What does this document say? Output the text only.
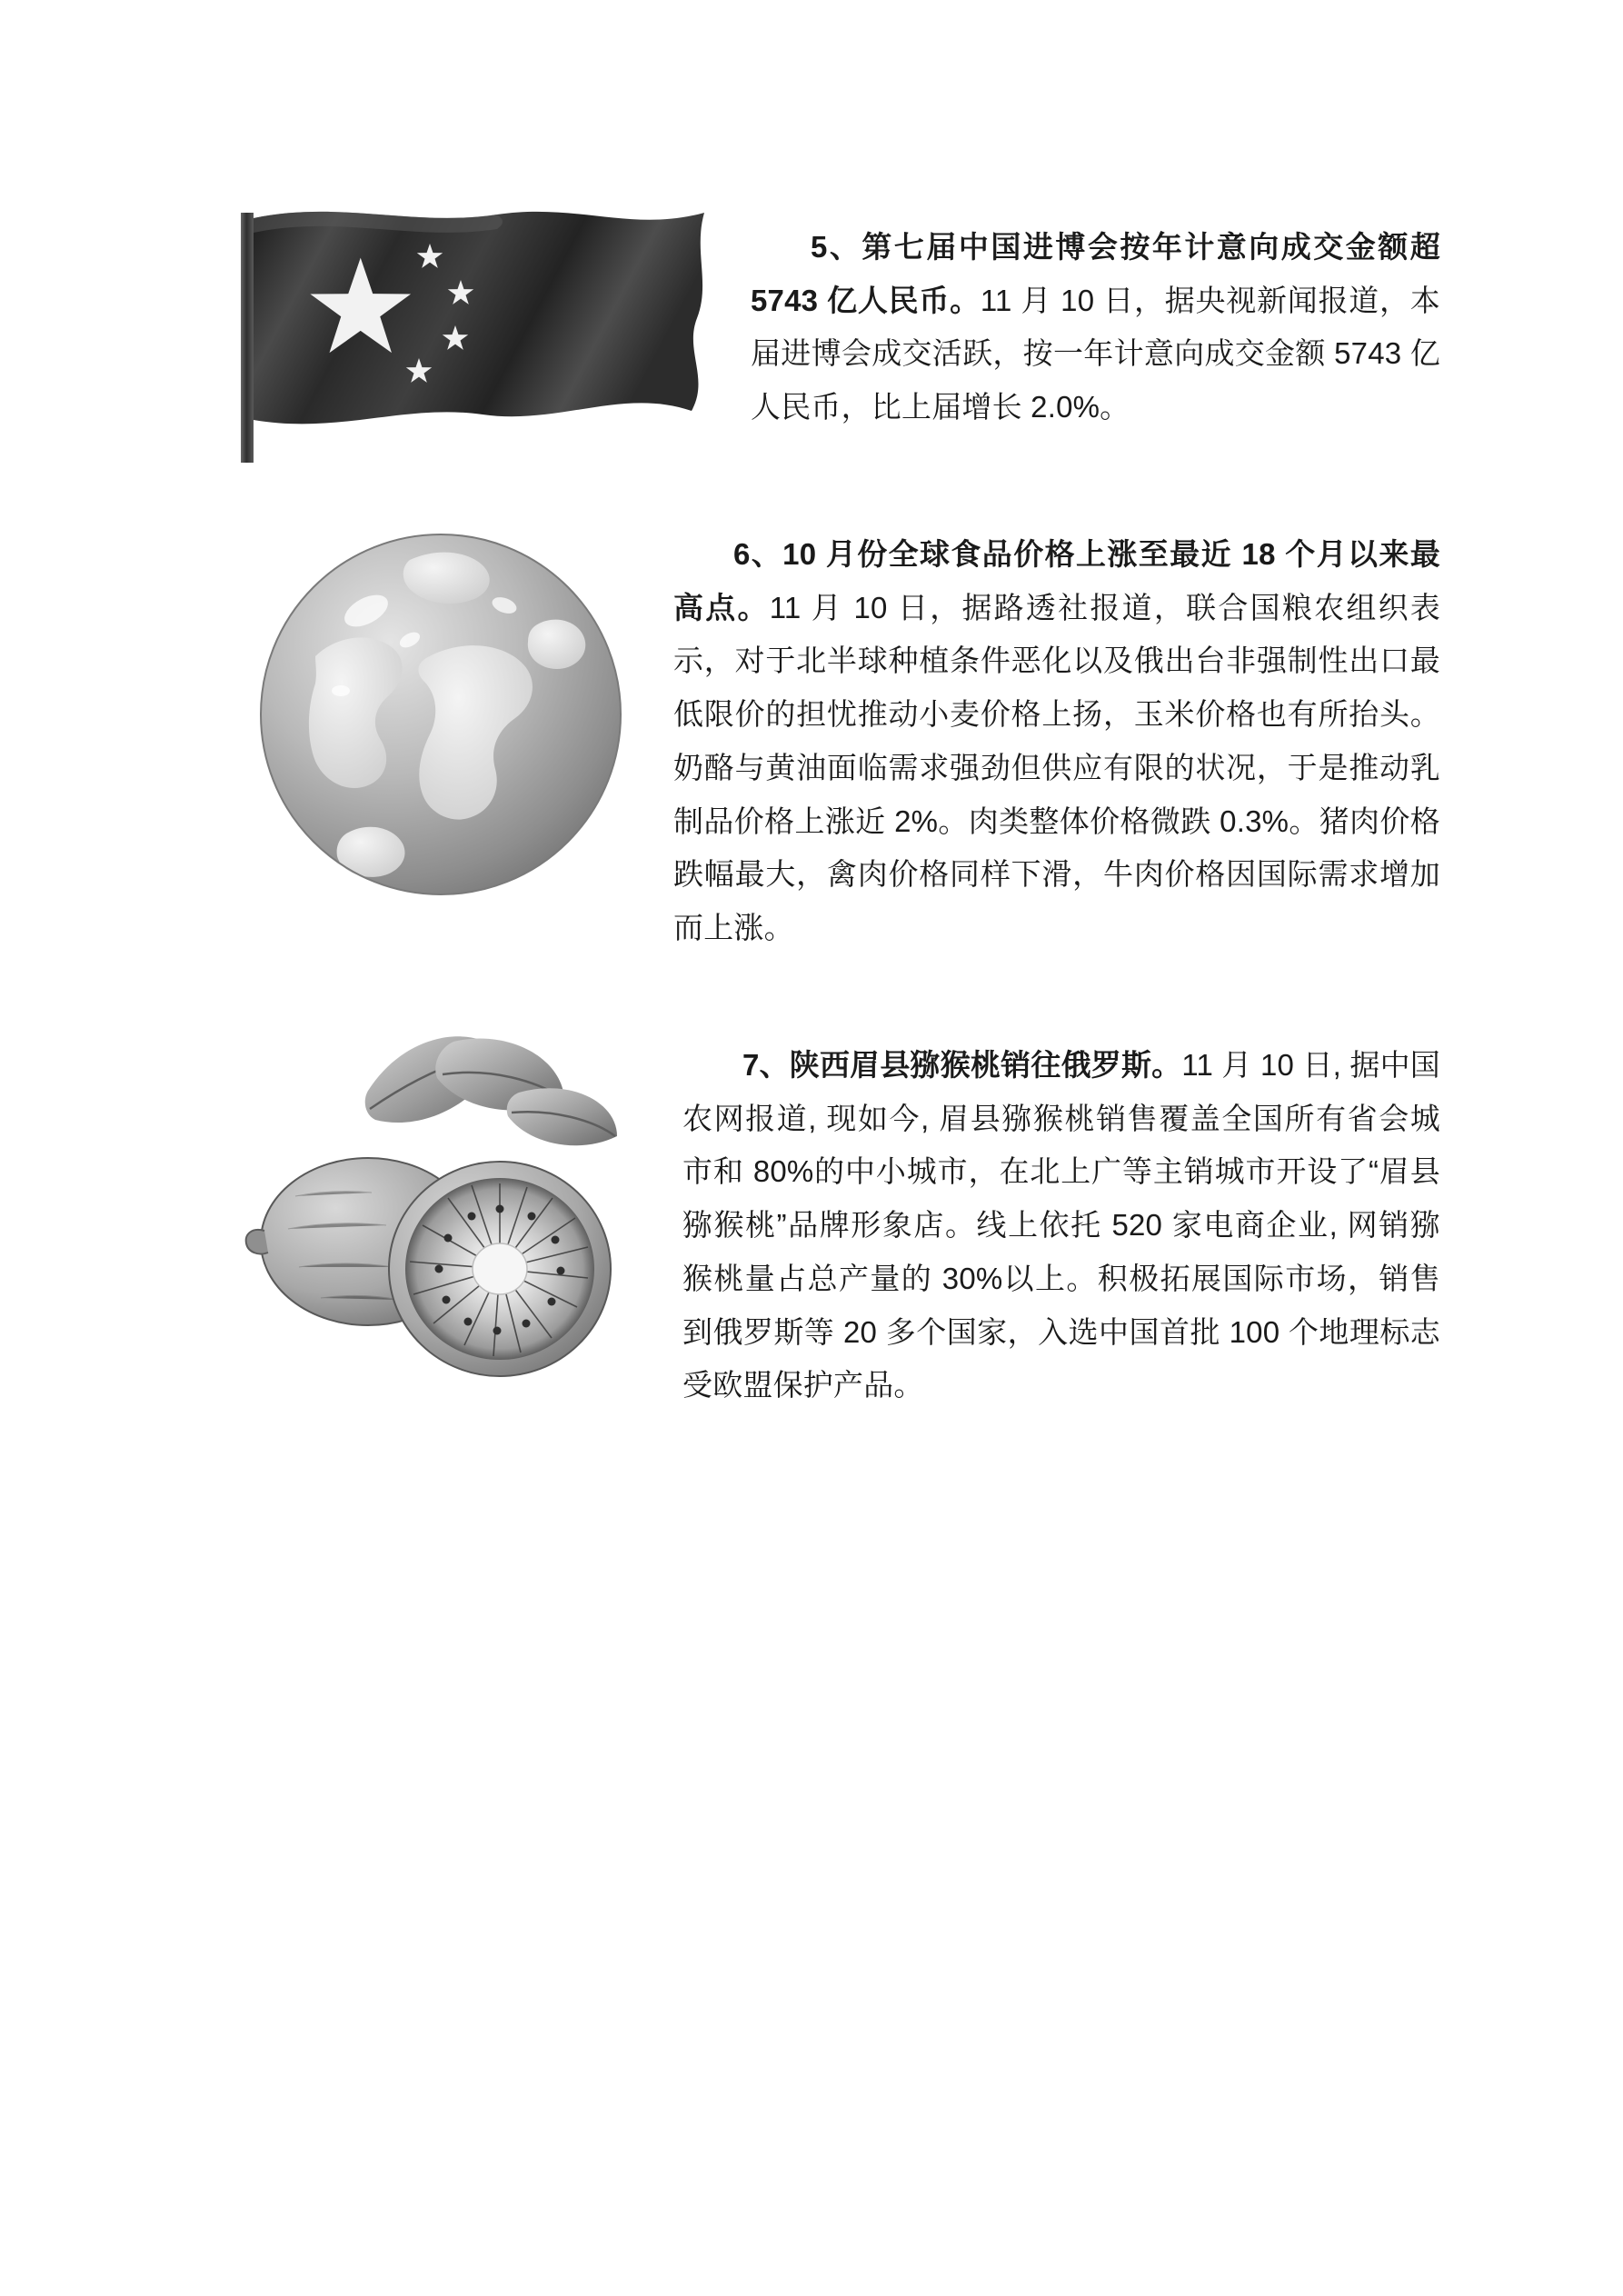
5、第七届中国进博会按年计意向成交金额超 5743 亿人民币。11 月 10 日，据央视新闻报道，本届进博会成交活跃，按一年计意向成交金额 5743 亿人民币，比上届增长 2.0%。

6、10 月份全球食品价格上涨至最近 18 个月以来最高点。11 月 10 日，据路透社报道，联合国粮农组织表示，对于北半球种植条件恶化以及俄出台非强制性出口最低限价的担忧推动小麦价格上扬，玉米价格也有所抬头。奶酪与黄油面临需求强劲但供应有限的状况，于是推动乳制品价格上涨近 2%。肉类整体价格微跌 0.3%。猪肉价格跌幅最大，禽肉价格同样下滑，牛肉价格因国际需求增加而上涨。

7、陕西眉县猕猴桃销往俄罗斯。11 月 10 日, 据中国农网报道, 现如今, 眉县猕猴桃销售覆盖全国所有省会城市和 80%的中小城市，在北上广等主销城市开设了“眉县猕猴桃”品牌形象店。线上依托 520 家电商企业, 网销猕猴桃量占总产量的 30%以上。积极拓展国际市场，销售到俄罗斯等 20 多个国家，入选中国首批 100 个地理标志受欧盟保护产品。
